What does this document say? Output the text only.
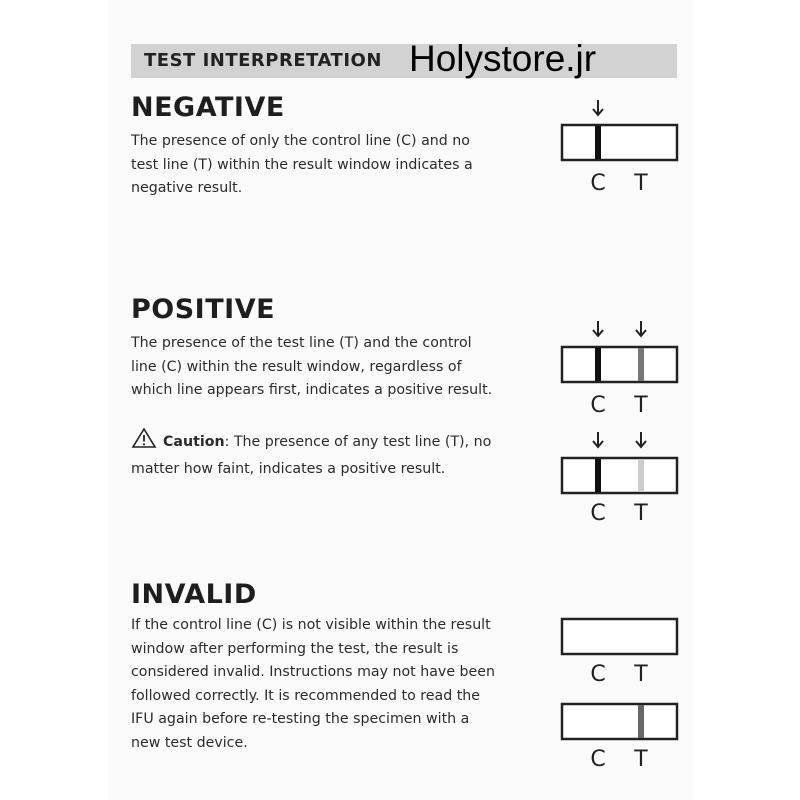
TEST INTERPRETATION Holystore.jr
NEGATIVE
The presence of only the control line (C) and no test line (T) within the result window indicates a negative result.	C T
POSITIVE
The presence of the test line (T) and the control line (C) within the result window, regardless of which line appears first, indicates a positive result.
Caution: The presence of any test line (T), no matter how faint, indicates a positive result.
C T
C T
INVALID
If the control line (C) is not visible within the result window after performing the test, the result is considered invalid. Instructions may not have been followed correctly. It is recommended to read the IFU again before re-testing the specimen with a new test device.
C T
C T
